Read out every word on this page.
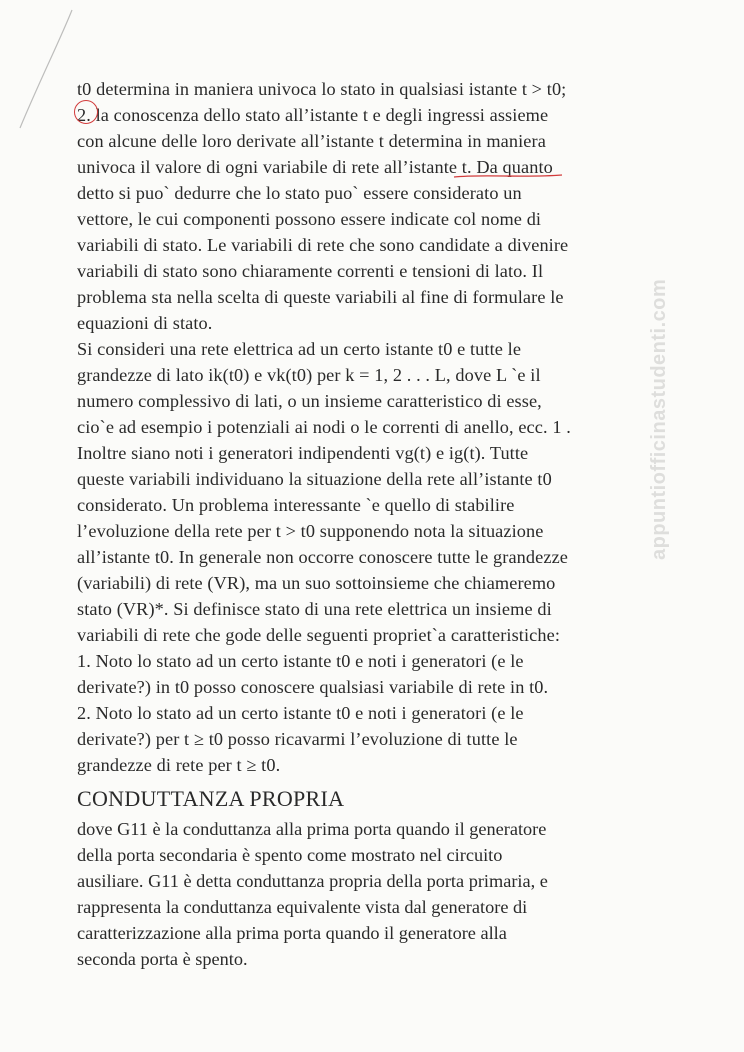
t0 determina in maniera univoca lo stato in qualsiasi istante t > t0;
2. la conoscenza dello stato all’istante t e degli ingressi assieme
con alcune delle loro derivate all’istante t determina in maniera
univoca il valore di ogni variabile di rete all’istante t. Da quanto
detto si puo` dedurre che lo stato puo` essere considerato un
vettore, le cui componenti possono essere indicate col nome di
variabili di stato. Le variabili di rete che sono candidate a divenire
variabili di stato sono chiaramente correnti e tensioni di lato. Il
problema sta nella scelta di queste variabili al fine di formulare le
equazioni di stato.
Si consideri una rete elettrica ad un certo istante t0 e tutte le
grandezze di lato ik(t0) e vk(t0) per k = 1, 2 . . . L, dove L `e il
numero complessivo di lati, o un insieme caratteristico di esse,
cio`e ad esempio i potenziali ai nodi o le correnti di anello, ecc. 1 .
Inoltre siano noti i generatori indipendenti vg(t) e ig(t). Tutte
queste variabili individuano la situazione della rete all’istante t0
considerato. Un problema interessante `e quello di stabilire
l’evoluzione della rete per t > t0 supponendo nota la situazione
all’istante t0. In generale non occorre conoscere tutte le grandezze
(variabili) di rete (VR), ma un suo sottoinsieme che chiameremo
stato (VR)*. Si definisce stato di una rete elettrica un insieme di
variabili di rete che gode delle seguenti propriet`a caratteristiche:
1. Noto lo stato ad un certo istante t0 e noti i generatori (e le
derivate?) in t0 posso conoscere qualsiasi variabile di rete in t0.
2. Noto lo stato ad un certo istante t0 e noti i generatori (e le
derivate?) per t ≥ t0 posso ricavarmi l’evoluzione di tutte le
grandezze di rete per t ≥ t0.
CONDUTTANZA PROPRIA
dove G11 è la conduttanza alla prima porta quando il generatore
della porta secondaria è spento come mostrato nel circuito
ausiliare. G11 è detta conduttanza propria della porta primaria, e
rappresenta la conduttanza equivalente vista dal generatore di
caratterizzazione alla prima porta quando il generatore alla
seconda porta è spento.
appuntiofficinastudenti.com
